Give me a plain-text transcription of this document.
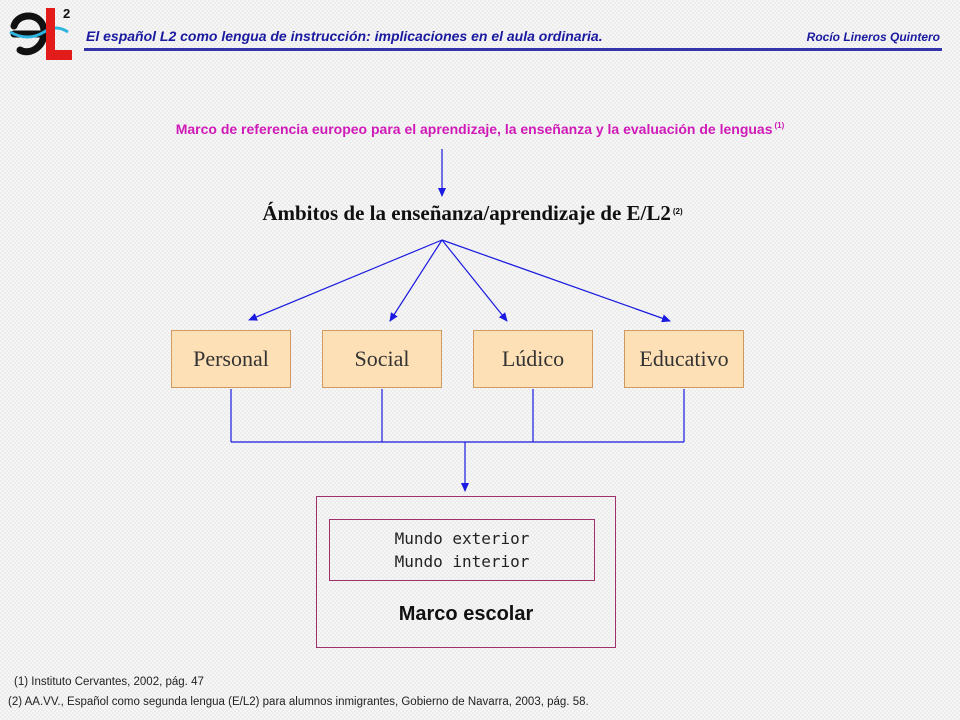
2
El español L2 como lengua de instrucción: implicaciones en el aula ordinaria.	Rocío Lineros Quintero
Marco de referencia europeo para el aprendizaje, la enseñanza y la evaluación de lenguas $^{(1)}$
Ámbitos de la enseñanza/aprendizaje de E/L2 $^{(2)}$
Personal	Social	Lúdico	Educativo
Mundo exterior
Mundo interior
Marco escolar
(1) Instituto Cervantes, 2002, pág. 47
(2) AA.VV., Español como segunda lengua (E/L2) para alumnos inmigrantes, Gobierno de Navarra, 2003, pág. 58.
